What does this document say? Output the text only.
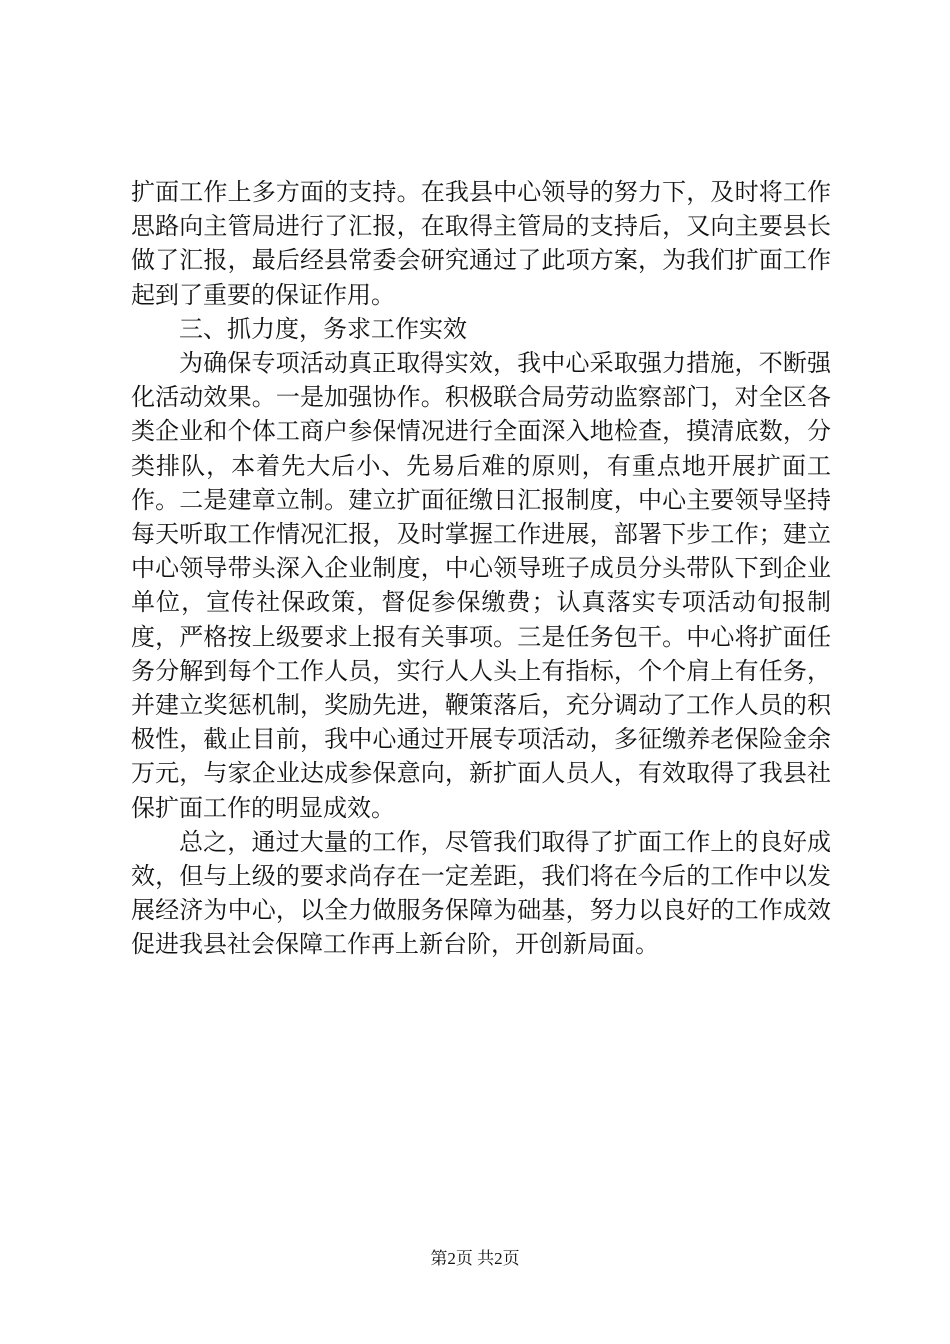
扩面工作上多方面的支持。在我县中心领导的努力下，及时将工作思路向主管局进行了汇报，在取得主管局的支持后，又向主要县长做了汇报，最后经县常委会研究通过了此项方案，为我们扩面工作起到了重要的保证作用。

三、抓力度，务求工作实效

为确保专项活动真正取得实效，我中心采取强力措施，不断强化活动效果。一是加强协作。积极联合局劳动监察部门，对全区各类企业和个体工商户参保情况进行全面深入地检查，摸清底数，分类排队，本着先大后小、先易后难的原则，有重点地开展扩面工作。二是建章立制。建立扩面征缴日汇报制度，中心主要领导坚持每天听取工作情况汇报，及时掌握工作进展，部署下步工作；建立中心领导带头深入企业制度，中心领导班子成员分头带队下到企业单位，宣传社保政策，督促参保缴费；认真落实专项活动旬报制度，严格按上级要求上报有关事项。三是任务包干。中心将扩面任务分解到每个工作人员，实行人人头上有指标，个个肩上有任务，并建立奖惩机制，奖励先进，鞭策落后，充分调动了工作人员的积极性，截止目前，我中心通过开展专项活动，多征缴养老保险金余万元，与家企业达成参保意向，新扩面人员人，有效取得了我县社保扩面工作的明显成效。

总之，通过大量的工作，尽管我们取得了扩面工作上的良好成效，但与上级的要求尚存在一定差距，我们将在今后的工作中以发展经济为中心，以全力做服务保障为础基，努力以良好的工作成效促进我县社会保障工作再上新台阶，开创新局面。

第2页 共2页
